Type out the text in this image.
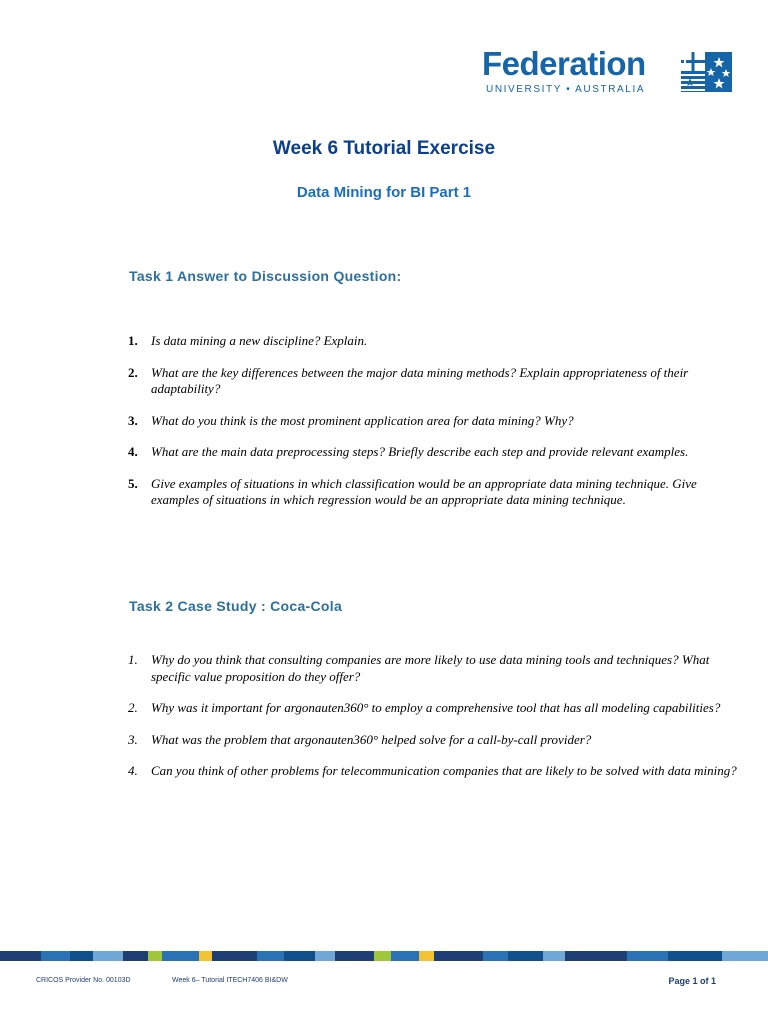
Federation
UNIVERSITY • AUSTRALIA
Week 6 Tutorial Exercise
Data Mining for BI Part 1
Task 1 Answer to Discussion Question:
1. Is data mining a new discipline? Explain.
2. What are the key differences between the major data mining methods? Explain appropriateness of their adaptability?
3. What do you think is the most prominent application area for data mining? Why?
4. What are the main data preprocessing steps? Briefly describe each step and provide relevant examples.
5. Give examples of situations in which classification would be an appropriate data mining technique. Give examples of situations in which regression would be an appropriate data mining technique.
Task 2 Case Study : Coca-Cola
1. Why do you think that consulting companies are more likely to use data mining tools and techniques? What specific value proposition do they offer?
2. Why was it important for argonauten360° to employ a comprehensive tool that has all modeling capabilities?
3. What was the problem that argonauten360° helped solve for a call-by-call provider?
4. Can you think of other problems for telecommunication companies that are likely to be solved with data mining?
CRICOS Provider No. 00103D	Week 6– Tutorial ITECH7406 BI&DW	Page 1 of 1
